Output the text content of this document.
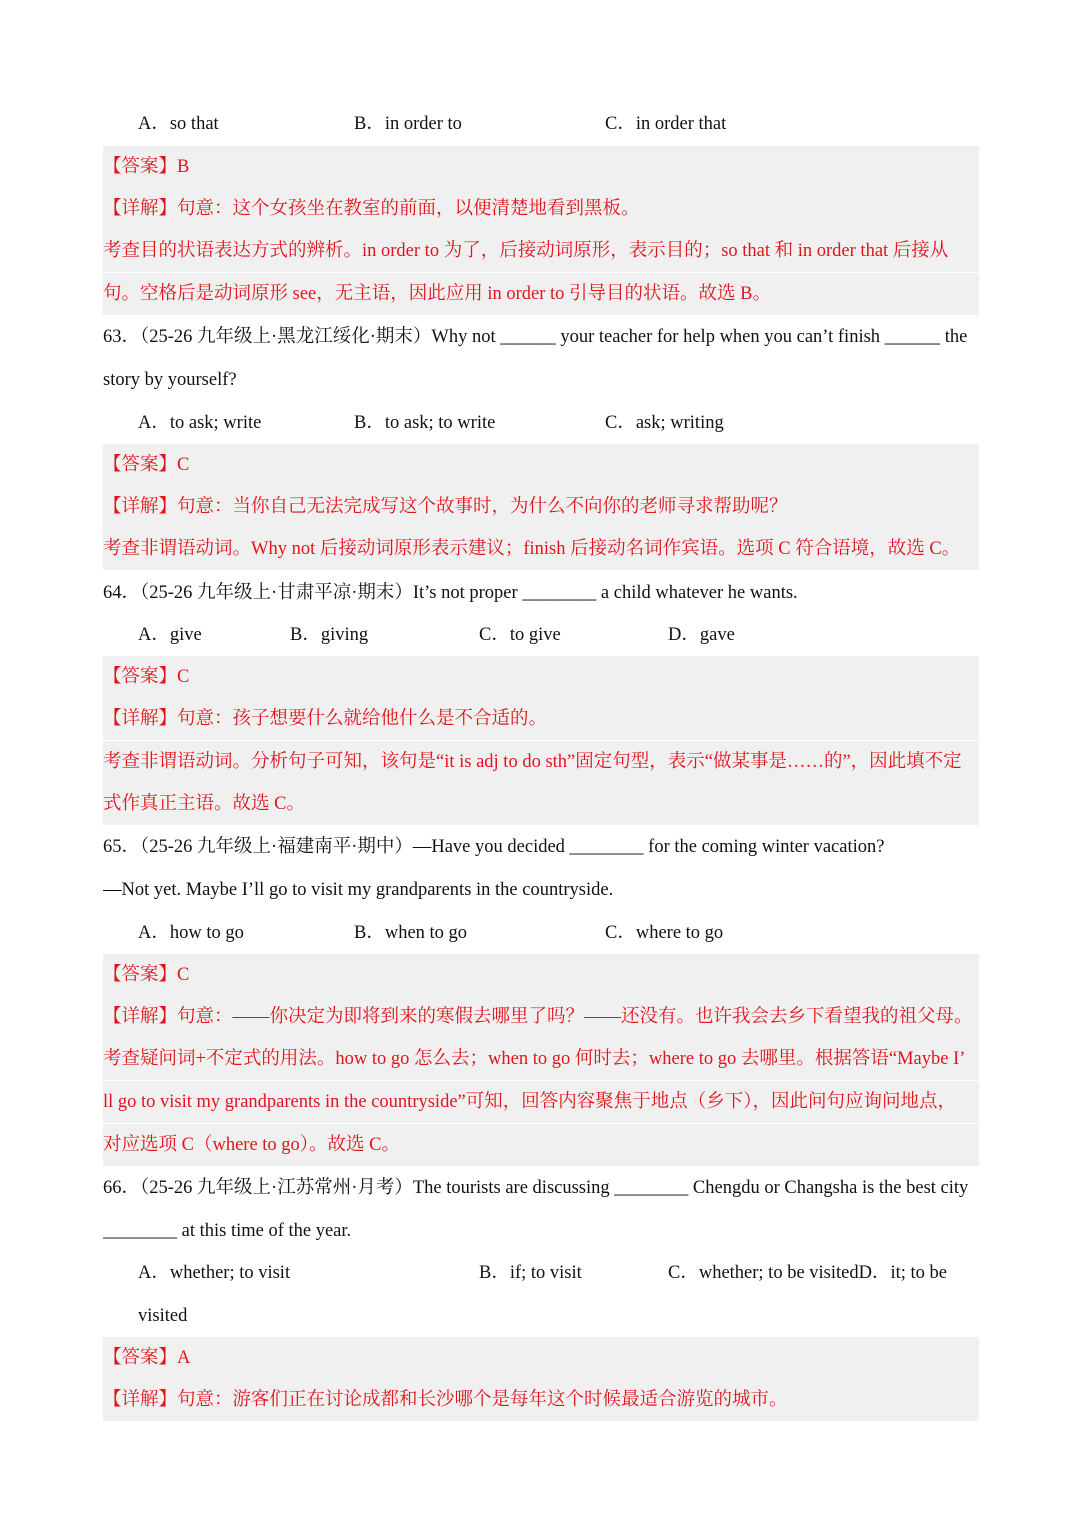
A．so that	B．in order to	C．in order that
【答案】B
【详解】句意：这个女孩坐在教室的前面，以便清楚地看到黑板。
考查目的状语表达方式的辨析。in order to 为了，后接动词原形，表示目的；so that 和 in order that 后接从
句。空格后是动词原形 see，无主语，因此应用 in order to 引导目的状语。故选 B。
63．（25-26 九年级上·黑龙江绥化·期末）Why not ______ your teacher for help when you can’t finish ______ the
story by yourself?
A．to ask; write	B．to ask; to write	C．ask; writing
【答案】C
【详解】句意：当你自己无法完成写这个故事时，为什么不向你的老师寻求帮助呢？
考查非谓语动词。Why not 后接动词原形表示建议；finish 后接动名词作宾语。选项 C 符合语境，故选 C。
64．（25-26 九年级上·甘肃平凉·期末）It’s not proper ________ a child whatever he wants.
A．give	B．giving	C．to give	D．gave
【答案】C
【详解】句意：孩子想要什么就给他什么是不合适的。
考查非谓语动词。分析句子可知，该句是“it is adj to do sth”固定句型，表示“做某事是……的”，因此填不定
式作真正主语。故选 C。
65．（25-26 九年级上·福建南平·期中）—Have you decided ________ for the coming winter vacation?
—Not yet. Maybe I’ll go to visit my grandparents in the countryside.
A．how to go	B．when to go	C．where to go
【答案】C
【详解】句意：——你决定为即将到来的寒假去哪里了吗？——还没有。也许我会去乡下看望我的祖父母。
考查疑问词+不定式的用法。how to go 怎么去；when to go 何时去；where to go 去哪里。根据答语“Maybe I’
ll go to visit my grandparents in the countryside”可知，回答内容聚焦于地点（乡下），因此问句应询问地点，
对应选项 C（where to go）。故选 C。
66．（25-26 九年级上·江苏常州·月考）The tourists are discussing ________ Chengdu or Changsha is the best city
________ at this time of the year.
A．whether; to visit	B．if; to visit	C．whether; to be visitedD．it; to be
visited
【答案】A
【详解】句意：游客们正在讨论成都和长沙哪个是每年这个时候最适合游览的城市。
